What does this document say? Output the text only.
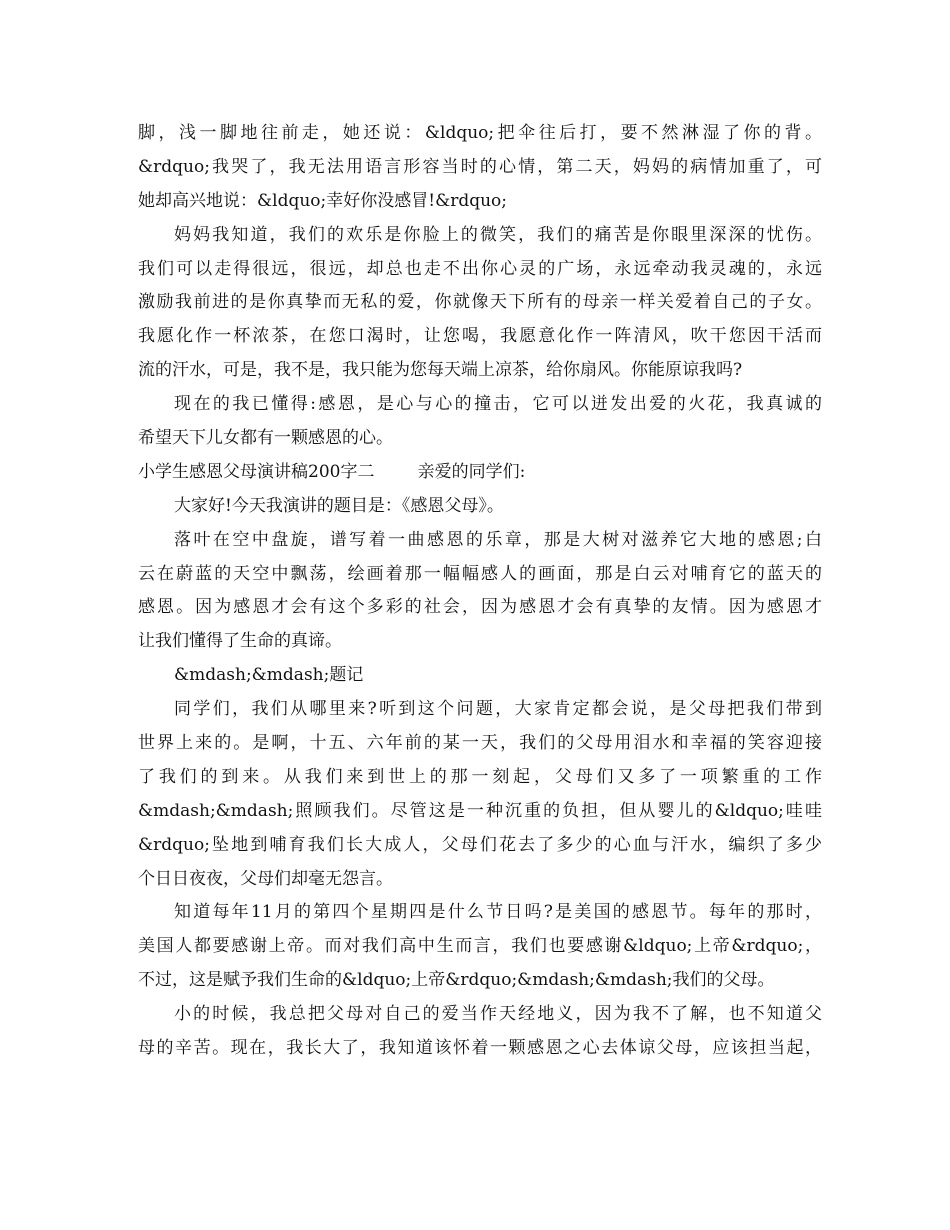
脚，浅一脚地往前走，她还说：&ldquo;把伞往后打，要不然淋湿了你的背。
&rdquo;我哭了，我无法用语言形容当时的心情，第二天，妈妈的病情加重了，可
她却高兴地说：&ldquo;幸好你没感冒!&rdquo;
妈妈我知道，我们的欢乐是你脸上的微笑，我们的痛苦是你眼里深深的忧伤。
我们可以走得很远，很远，却总也走不出你心灵的广场，永远牵动我灵魂的，永远
激励我前进的是你真挚而无私的爱，你就像天下所有的母亲一样关爱着自己的子女。
我愿化作一杯浓茶，在您口渴时，让您喝，我愿意化作一阵清风，吹干您因干活而
流的汗水，可是，我不是，我只能为您每天端上凉茶，给你扇风。你能原谅我吗?
现在的我已懂得:感恩，是心与心的撞击，它可以迸发出爱的火花，我真诚的
希望天下儿女都有一颗感恩的心。
小学生感恩父母演讲稿200字二        亲爱的同学们:
大家好!今天我演讲的题目是：《感恩父母》。
落叶在空中盘旋，谱写着一曲感恩的乐章，那是大树对滋养它大地的感恩;白
云在蔚蓝的天空中飘荡，绘画着那一幅幅感人的画面，那是白云对哺育它的蓝天的
感恩。因为感恩才会有这个多彩的社会，因为感恩才会有真挚的友情。因为感恩才
让我们懂得了生命的真谛。
&mdash;&mdash;题记
同学们，我们从哪里来?听到这个问题，大家肯定都会说，是父母把我们带到
世界上来的。是啊，十五、六年前的某一天，我们的父母用泪水和幸福的笑容迎接
了我们的到来。从我们来到世上的那一刻起，父母们又多了一项繁重的工作
&mdash;&mdash;照顾我们。尽管这是一种沉重的负担，但从婴儿的&ldquo;哇哇
&rdquo;坠地到哺育我们长大成人，父母们花去了多少的心血与汗水，编织了多少
个日日夜夜，父母们却毫无怨言。
知道每年11月的第四个星期四是什么节日吗?是美国的感恩节。每年的那时，
美国人都要感谢上帝。而对我们高中生而言，我们也要感谢&ldquo;上帝&rdquo;，
不过，这是赋予我们生命的&ldquo;上帝&rdquo;&mdash;&mdash;我们的父母。
小的时候，我总把父母对自己的爱当作天经地义，因为我不了解，也不知道父
母的辛苦。现在，我长大了，我知道该怀着一颗感恩之心去体谅父母，应该担当起，
